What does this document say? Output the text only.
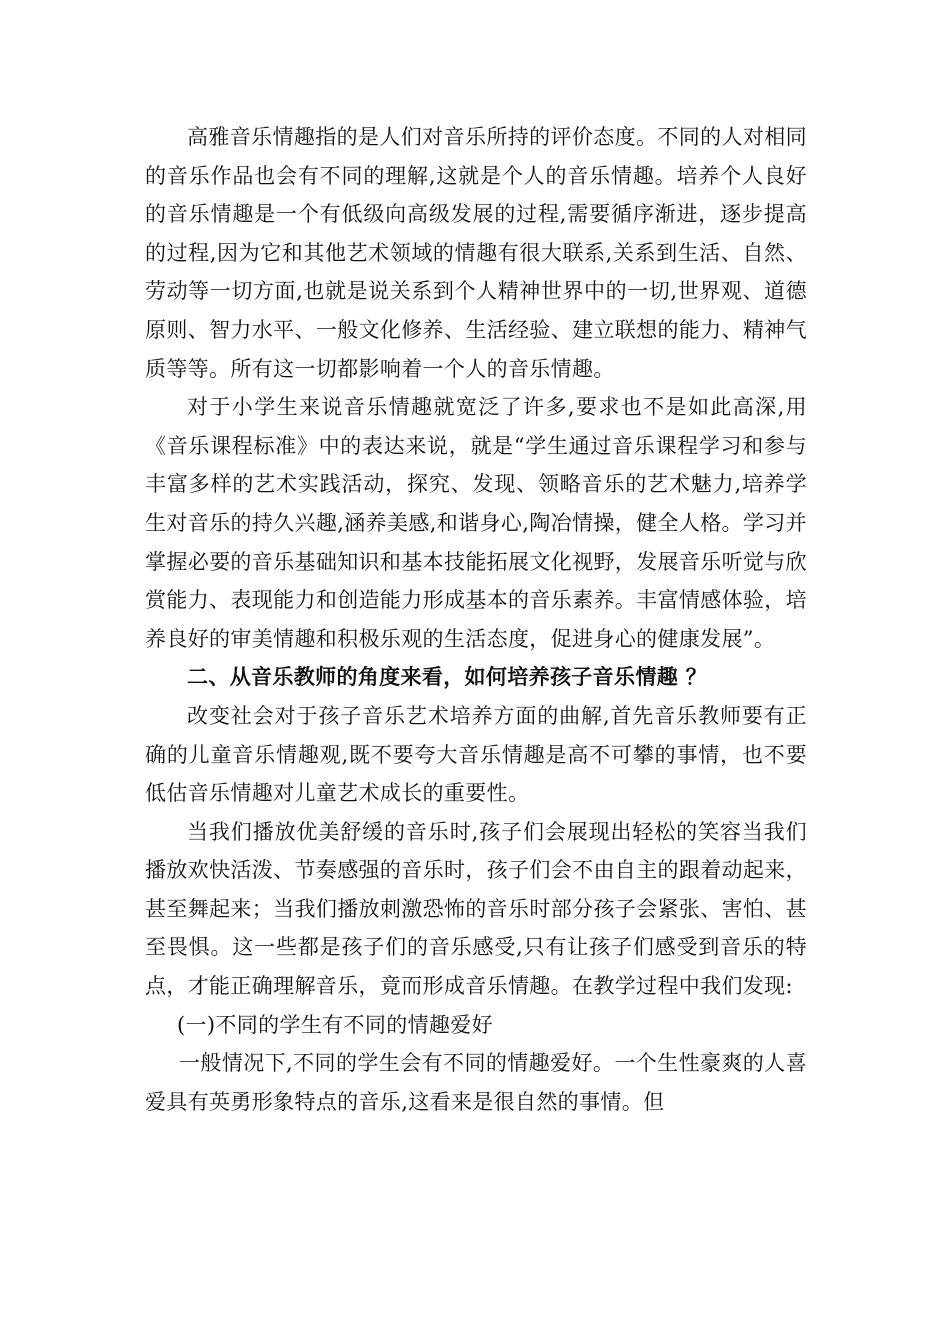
高雅音乐情趣指的是人们对音乐所持的评价态度。不同的人对相同的音乐作品也会有不同的理解,这就是个人的音乐情趣。培养个人良好的音乐情趣是一个有低级向高级发展的过程,需要循序渐进，逐步提高的过程,因为它和其他艺术领域的情趣有很大联系,关系到生活、自然、劳动等一切方面,也就是说关系到个人精神世界中的一切,世界观、道德原则、智力水平、一般文化修养、生活经验、建立联想的能力、精神气质等等。所有这一切都影响着一个人的音乐情趣。

对于小学生来说音乐情趣就宽泛了许多,要求也不是如此高深,用《音乐课程标准》中的表达来说，就是“学生通过音乐课程学习和参与丰富多样的艺术实践活动，探究、发现、领略音乐的艺术魅力,培养学生对音乐的持久兴趣,涵养美感,和谐身心,陶冶情操，健全人格。学习并掌握必要的音乐基础知识和基本技能拓展文化视野，发展音乐听觉与欣赏能力、表现能力和创造能力形成基本的音乐素养。丰富情感体验，培养良好的审美情趣和积极乐观的生活态度，促进身心的健康发展”。

二、从音乐教师的角度来看，如何培养孩子音乐情趣 ？

改变社会对于孩子音乐艺术培养方面的曲解,首先音乐教师要有正确的儿童音乐情趣观,既不要夸大音乐情趣是高不可攀的事情，也不要低估音乐情趣对儿童艺术成长的重要性。

当我们播放优美舒缓的音乐时,孩子们会展现出轻松的笑容当我们播放欢快活泼、节奏感强的音乐时，孩子们会不由自主的跟着动起来，甚至舞起来；当我们播放刺激恐怖的音乐时部分孩子会紧张、害怕、甚至畏惧。这一些都是孩子们的音乐感受,只有让孩子们感受到音乐的特点，才能正确理解音乐，竟而形成音乐情趣。在教学过程中我们发现:

(一)不同的学生有不同的情趣爱好

一般情况下,不同的学生会有不同的情趣爱好。一个生性豪爽的人喜爱具有英勇形象特点的音乐,这看来是很自然的事情。但
